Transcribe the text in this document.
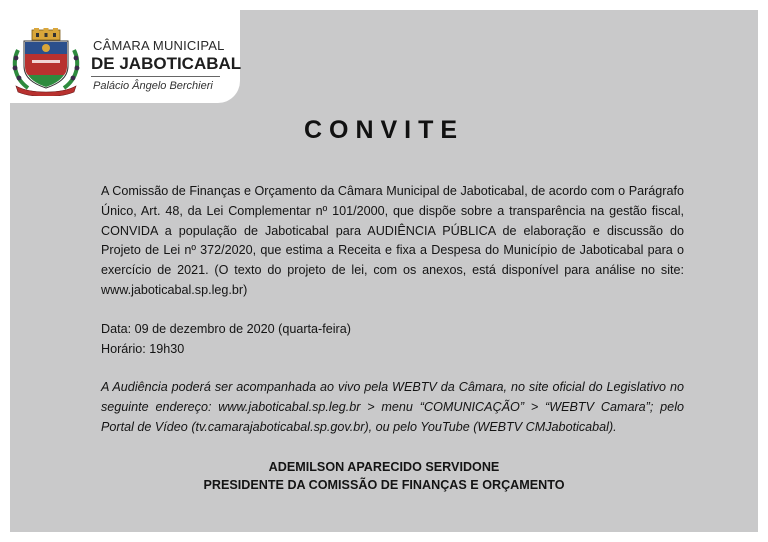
CÂMARA MUNICIPAL
DE JABOTICABAL
Palácio Ângelo Berchieri
CONVITE

A Comissão de Finanças e Orçamento da Câmara Municipal de Jaboticabal, de acordo com o Parágrafo Único, Art. 48, da Lei Complementar nº 101/2000, que dispõe sobre a transparência na gestão fiscal, CONVIDA a população de Jaboticabal para AUDIÊNCIA PÚBLICA de elaboração e discussão do Projeto de Lei nº 372/2020, que estima a Receita e fixa a Despesa do Município de Jaboticabal para o exercício de 2021. (O texto do projeto de lei, com os anexos, está disponível para análise no site: www.jaboticabal.sp.leg.br)

Data: 09 de dezembro de 2020 (quarta-feira)

Horário: 19h30

A Audiência poderá ser acompanhada ao vivo pela WEBTV da Câmara, no site oficial do Legislativo no seguinte endereço: www.jaboticabal.sp.leg.br > menu “COMUNICAÇÃO” > “WEBTV Camara”; pelo Portal de Vídeo (tv.camarajaboticabal.sp.gov.br), ou pelo YouTube (WEBTV CMJaboticabal).

ADEMILSON APARECIDO SERVIDONE
PRESIDENTE DA COMISSÃO DE FINANÇAS E ORÇAMENTO
